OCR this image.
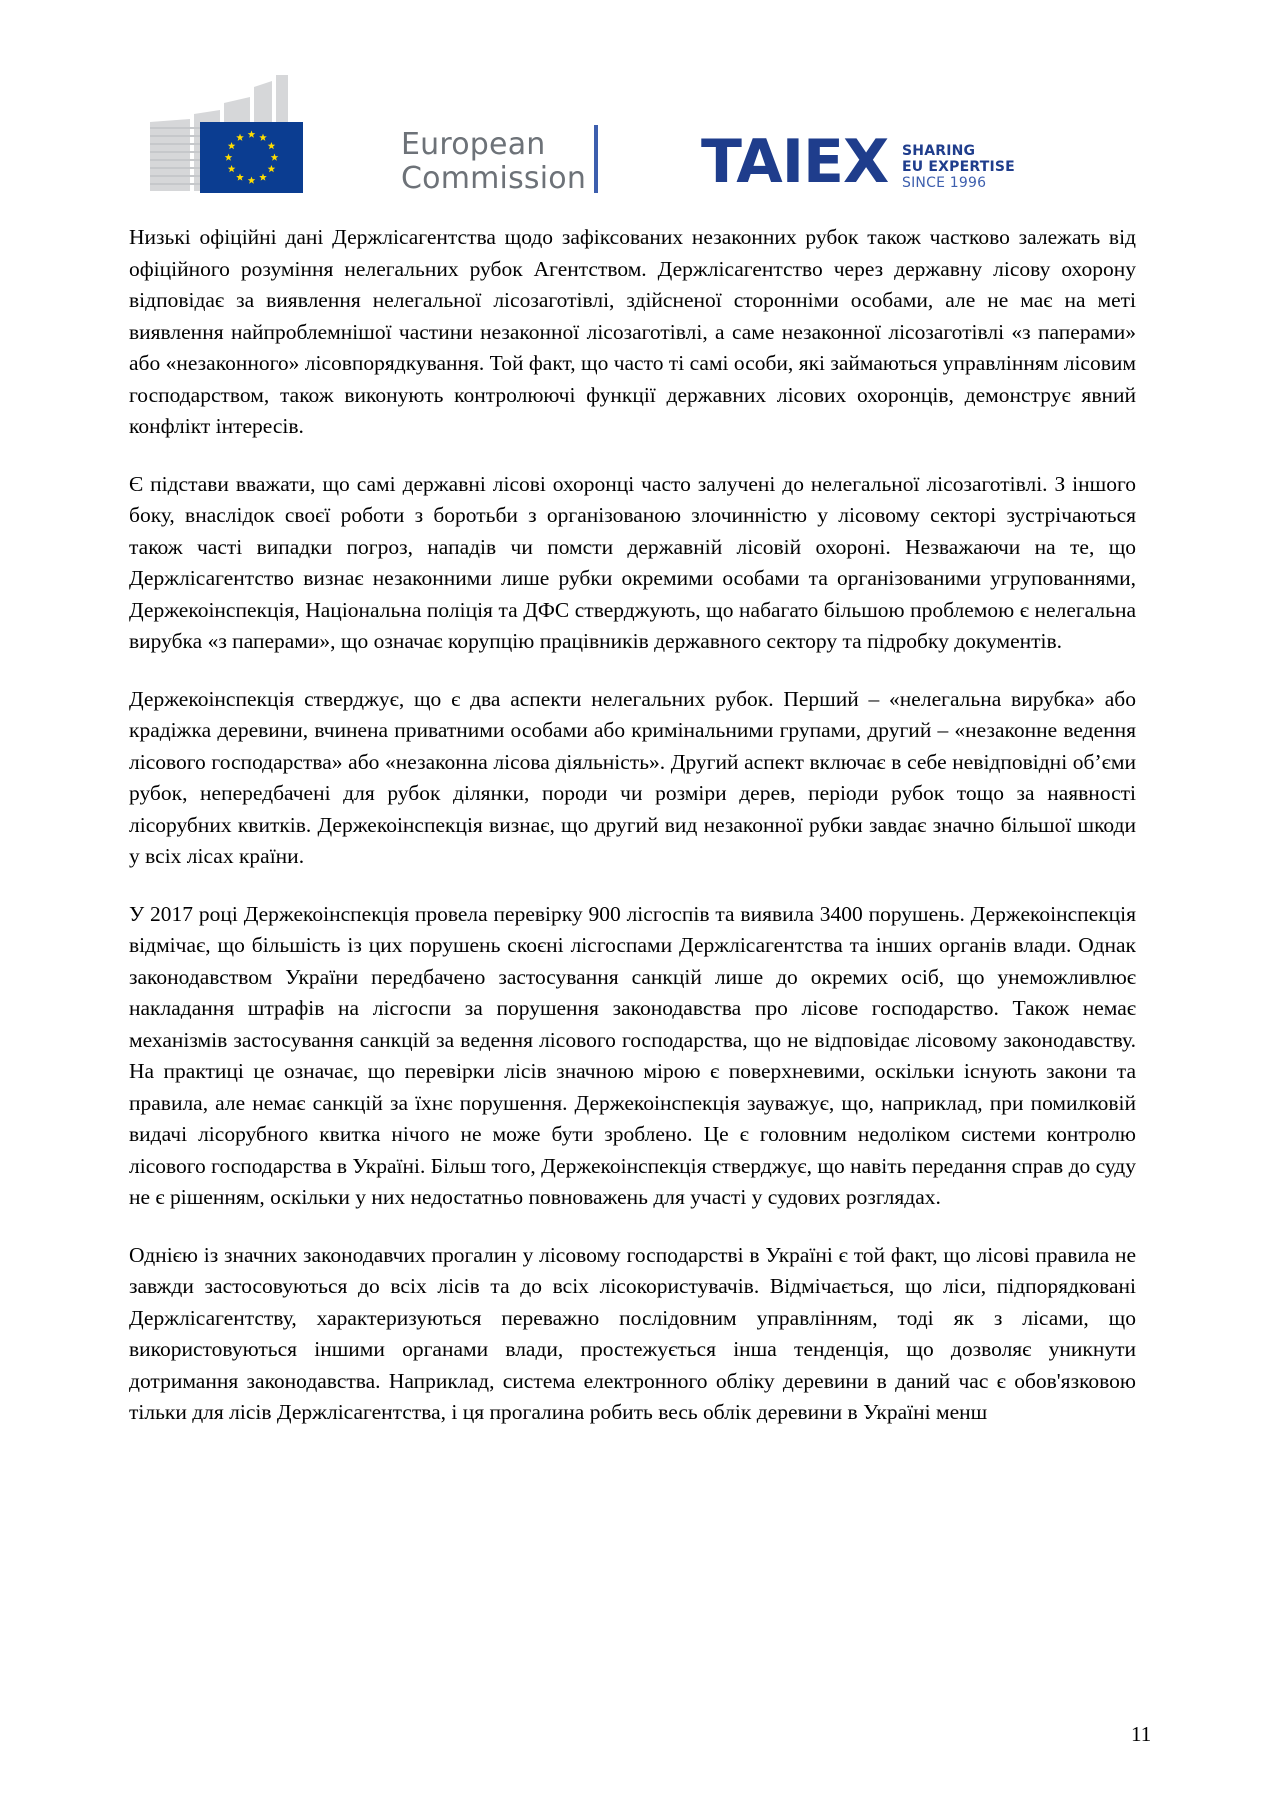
European
Commission TAIEX SHARING
EU EXPERTISE
SINCE 1996

Низькі офіційні дані Держлісагентства щодо зафіксованих незаконних рубок також частково залежать від офіційного розуміння нелегальних рубок Агентством. Держлісагентство через державну лісову охорону відповідає за виявлення нелегальної лісозаготівлі, здійсненої сторонніми особами, але не має на меті виявлення найпроблемнішої частини незаконної лісозаготівлі, а саме незаконної лісозаготівлі «з паперами» або «незаконного» лісовпорядкування. Той факт, що часто ті самі особи, які займаються управлінням лісовим господарством, також виконують контролюючі функції державних лісових охоронців, демонструє явний конфлікт інтересів.

Є підстави вважати, що самі державні лісові охоронці часто залучені до нелегальної лісозаготівлі. З іншого боку, внаслідок своєї роботи з боротьби з організованою злочинністю у лісовому секторі зустрічаються також часті випадки погроз, нападів чи помсти державній лісовій охороні. Незважаючи на те, що Держлісагентство визнає незаконними лише рубки окремими особами та організованими угрупованнями, Держекоінспекція, Національна поліція та ДФС стверджують, що набагато більшою проблемою є нелегальна вирубка «з паперами», що означає корупцію працівників державного сектору та підробку документів.

Держекоінспекція стверджує, що є два аспекти нелегальних рубок. Перший – «нелегальна вирубка» або крадіжка деревини, вчинена приватними особами або кримінальними групами, другий – «незаконне ведення лісового господарства» або «незаконна лісова діяльність». Другий аспект включає в себе невідповідні об’єми рубок, непередбачені для рубок ділянки, породи чи розміри дерев, періоди рубок тощо за наявності лісорубних квитків. Держекоінспекція визнає, що другий вид незаконної рубки завдає значно більшої шкоди у всіх лісах країни.

У 2017 році Держекоінспекція провела перевірку 900 лісгоспів та виявила 3400 порушень. Держекоінспекція відмічає, що більшість із цих порушень скоєні лісгоспами Держлісагентства та інших органів влади. Однак законодавством України передбачено застосування санкцій лише до окремих осіб, що унеможливлює накладання штрафів на лісгоспи за порушення законодавства про лісове господарство. Також немає механізмів застосування санкцій за ведення лісового господарства, що не відповідає лісовому законодавству. На практиці це означає, що перевірки лісів значною мірою є поверхневими, оскільки існують закони та правила, але немає санкцій за їхнє порушення. Держекоінспекція зауважує, що, наприклад, при помилковій видачі лісорубного квитка нічого не може бути зроблено. Це є головним недоліком системи контролю лісового господарства в Україні. Більш того, Держекоінспекція стверджує, що навіть передання справ до суду не є рішенням, оскільки у них недостатньо повноважень для участі у судових розглядах.

Однією із значних законодавчих прогалин у лісовому господарстві в Україні є той факт, що лісові правила не завжди застосовуються до всіх лісів та до всіх лісокористувачів. Відмічається, що ліси, підпорядковані Держлісагентству, характеризуються переважно послідовним управлінням, тоді як з лісами, що використовуються іншими органами влади, простежується інша тенденція, що дозволяє уникнути дотримання законодавства. Наприклад, система електронного обліку деревини в даний час є обов'язковою тільки для лісів Держлісагентства, і ця прогалина робить весь облік деревини в Україні менш

11
